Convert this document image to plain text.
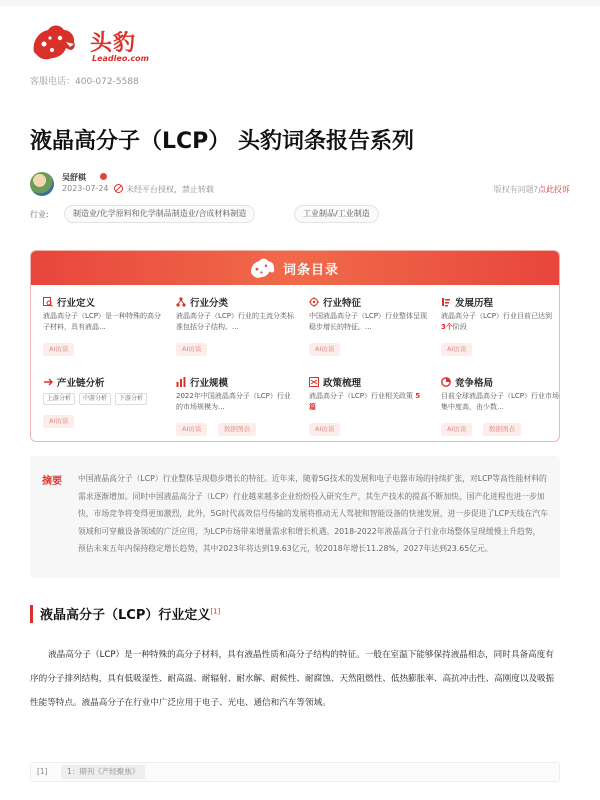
头豹
Leadleo.com
客服电话：400-072-5588
液晶高分子（LCP） 头豹词条报告系列
吴舒棋
2023-07-24 未经平台授权，禁止转载	版权有问题?点此投诉
行业:	制造业/化学原料和化学制品制造业/合成材料制造	工业制品/工业制造
词条目录
行业定义
液晶高分子（LCP）是一种特殊的高分子材料，具有液晶...
AI访谈
行业分类
液晶高分子（LCP）行业的主流分类标准包括分子结构、...
AI访谈
行业特征
中国液晶高分子（LCP）行业整体呈现稳步增长的特征。...
AI访谈
发展历程
液晶高分子（LCP）行业目前已达到 3个阶段
AI访谈
产业链分析
上游分析	中游分析	下游分析
AI访谈
行业规模
2022年中国液晶高分子（LCP）行业的市场规模为...
AI访谈	数据图表
政策梳理
液晶高分子（LCP）行业相关政策 5篇
AI访谈
竞争格局
目前全球液晶高分子（LCP）行业市场集中度高，由少数...
AI访谈	数据图表
摘要 中国液晶高分子（LCP）行业整体呈现稳步增长的特征。近年来，随着5G技术的发展和电子电器市场的持续扩张，对LCP等高性能材料的需求逐渐增加。同时中国液晶高分子（LCP）行业越来越多企业纷纷投入研究生产，其生产技术的提高不断加快，国产化进程也进一步加快，市场竞争将变得更加激烈，此外，5G时代高效信号传输的发展将推动无人驾驶和智能设备的快速发展，进一步促进了LCP天线在汽车领域和可穿戴设备领域的广泛应用，为LCP市场带来增量需求和增长机遇。2018-2022年液晶高分子行业市场整体呈现缓慢上升趋势，预估未来五年内保持稳定增长趋势，其中2023年将达到19.63亿元，较2018年增长11.28%，2027年达到23.65亿元。

液晶高分子（LCP）行业定义[1]

液晶高分子（LCP）是一种特殊的高分子材料，具有液晶性质和高分子结构的特征。一般在室温下能够保持液晶相态，同时具备高度有序的分子排列结构，具有低吸湿性、耐高温、耐辐射、耐水解、耐候性、耐腐蚀、天然阻燃性、低热膨胀率、高抗冲击性、高刚度以及吸振性能等特点。液晶高分子在行业中广泛应用于电子、光电、通信和汽车等领域。

[1]	1：期刊《产经聚焦》
